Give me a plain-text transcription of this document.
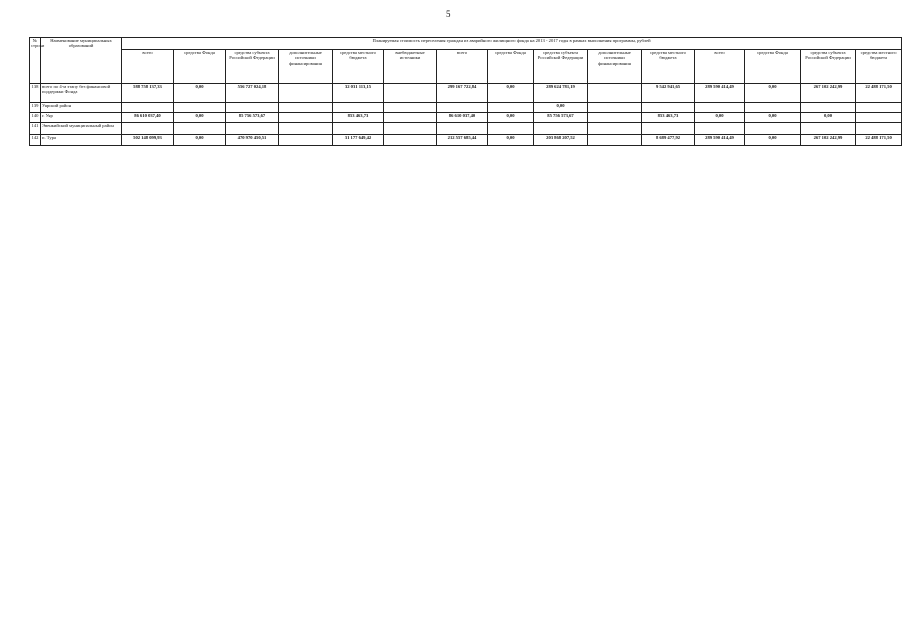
5
№ строки	Наименование муниципальных образований	Планируемая стоимость переселения граждан из аварийного жилищного фонда на 2013 - 2017 годы в рамках выполнения программы, рублей														
		всего	средства Фонда	средства субъекта Российской Федерации	дополнительные источники финансирования	средства местного бюджета	внебюджетные источники	всего	средства Фонда	средства субъекта Российской Федерации	дополнительные источники финансирования	средства местного бюджета	всего	средства Фонда	средства субъекта Российской Федерации	средства местного бюджета
138	всего по 4-м этапу без финансовой поддержки Фонда	588 758 137,33	0,00	556 727 024,18		32 031 113,15		299 167 722,84	0,00	289 624 781,19		9 542 941,65	289 590 414,49	0,00	267 102 242,99	22 488 171,50
139	Уярский район									0,00						
140	г. Уяр	86 610 037,40	0,00	85 756 573,67		853 463,73		86 610 037,40	0,00	85 756 573,67		853 463,73	0,00	0,00	0,00	
141	Эвенкийский муниципальный район															
142	п. Тура	502 148 099,93	0,00	470 970 450,51		31 177 649,42		212 557 685,44	0,00	203 868 207,52		8 689 477,92	289 590 414,49	0,00	267 102 242,99	22 488 171,50
